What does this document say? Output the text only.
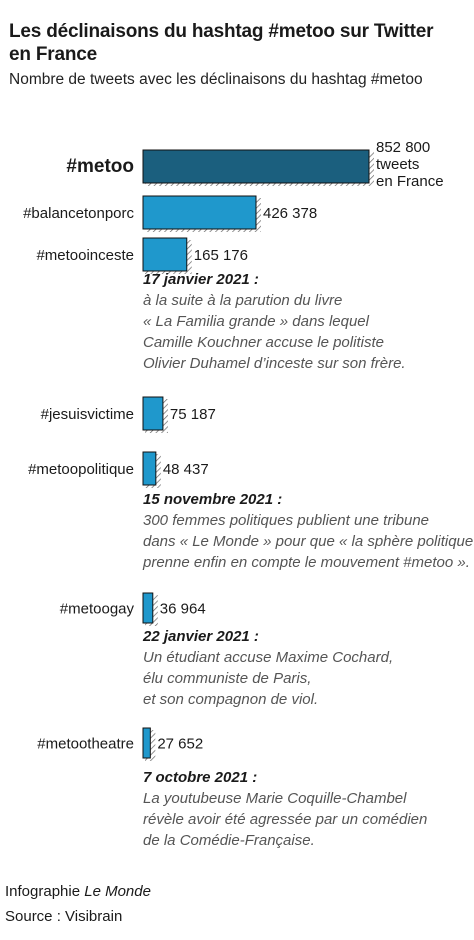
Les déclinaisons du hashtag #metoo sur Twitter en France
Nombre de tweets avec les déclinaisons du hashtag #metoo
#metoo
852 800
tweets
en France
#balancetonporc	426 378
#metooinceste	165 176
#jesuisvictime 75 187
#metoopolitique 48 437
#metoogay 36 964
#metootheatre 27 652
17 janvier 2021 :
à la suite à la parution du livre
« La Familia grande » dans lequel
Camille Kouchner accuse le politiste
Olivier Duhamel d’inceste sur son frère.
15 novembre 2021 :
300 femmes politiques publient une tribune
dans « Le Monde » pour que « la sphère politique
prenne enfin en compte le mouvement #metoo ».
22 janvier 2021 :
Un étudiant accuse Maxime Cochard,
élu communiste de Paris,
et son compagnon de viol.
7 octobre 2021 :
La youtubeuse Marie Coquille-Chambel
révèle avoir été agressée par un comédien
de la Comédie-Française.
Infographie Le Monde
Source : Visibrain
